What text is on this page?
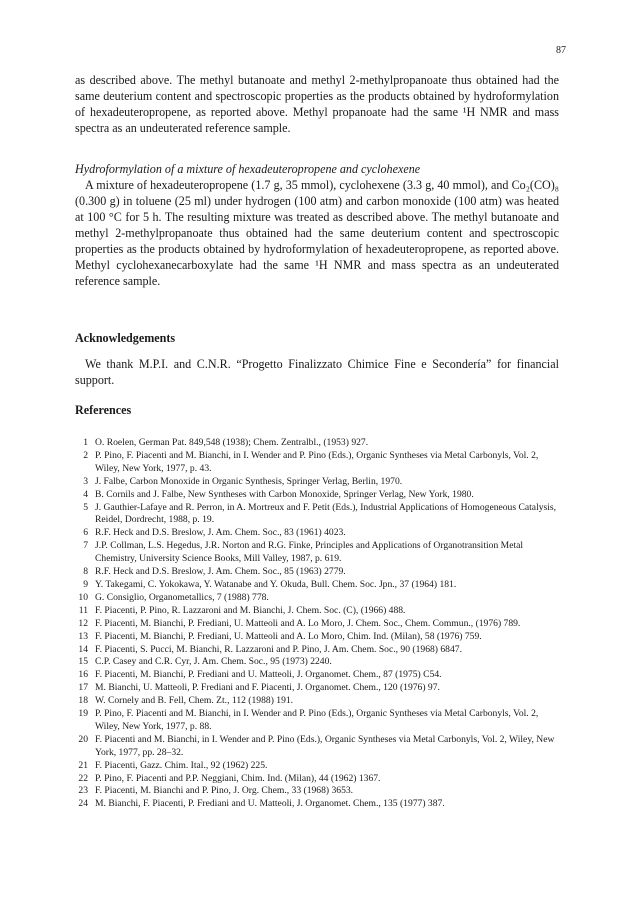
87

as described above. The methyl butanoate and methyl 2-methylpropanoate thus obtained had the same deuterium content and spectroscopic properties as the products obtained by hydroformylation of hexadeuteropropene, as reported above. Methyl propanoate had the same ¹H NMR and mass spectra as an undeuterated reference sample.

Hydroformylation of a mixture of hexadeuteropropene and cyclohexene

A mixture of hexadeuteropropene (1.7 g, 35 mmol), cyclohexene (3.3 g, 40 mmol), and Co₂(CO)₈ (0.300 g) in toluene (25 ml) under hydrogen (100 atm) and carbon monoxide (100 atm) was heated at 100 °C for 5 h. The resulting mixture was treated as described above. The methyl butanoate and methyl 2-methylpropanoate thus obtained had the same deuterium content and spectroscopic properties as the products obtained by hydroformylation of hexadeuteropropene, as reported above. Methyl cyclohexanecarboxylate had the same ¹H NMR and mass spectra as an undeuterated reference sample.

Acknowledgements

We thank M.P.I. and C.N.R. “Progetto Finalizzato Chimice Fine e Secondería” for financial support.

References

1 O. Roelen, German Pat. 849,548 (1938); Chem. Zentralbl., (1953) 927.
2 P. Pino, F. Piacenti and M. Bianchi, in I. Wender and P. Pino (Eds.), Organic Syntheses via Metal Carbonyls, Vol. 2, Wiley, New York, 1977, p. 43.
3 J. Falbe, Carbon Monoxide in Organic Synthesis, Springer Verlag, Berlin, 1970.
4 B. Cornils and J. Falbe, New Syntheses with Carbon Monoxide, Springer Verlag, New York, 1980.
5 J. Gauthier-Lafaye and R. Perron, in A. Mortreux and F. Petit (Eds.), Industrial Applications of Homogeneous Catalysis, Reidel, Dordrecht, 1988, p. 19.
6 R.F. Heck and D.S. Breslow, J. Am. Chem. Soc., 83 (1961) 4023.
7 J.P. Collman, L.S. Hegedus, J.R. Norton and R.G. Finke, Principles and Applications of Organotransition Metal Chemistry, University Science Books, Mill Valley, 1987, p. 619.
8 R.F. Heck and D.S. Breslow, J. Am. Chem. Soc., 85 (1963) 2779.
9 Y. Takegami, C. Yokokawa, Y. Watanabe and Y. Okuda, Bull. Chem. Soc. Jpn., 37 (1964) 181.
10 G. Consiglio, Organometallics, 7 (1988) 778.
11 F. Piacenti, P. Pino, R. Lazzaroni and M. Bianchi, J. Chem. Soc. (C), (1966) 488.
12 F. Piacenti, M. Bianchi, P. Frediani, U. Matteoli and A. Lo Moro, J. Chem. Soc., Chem. Commun., (1976) 789.
13 F. Piacenti, M. Bianchi, P. Frediani, U. Matteoli and A. Lo Moro, Chim. Ind. (Milan), 58 (1976) 759.
14 F. Piacenti, S. Pucci, M. Bianchi, R. Lazzaroni and P. Pino, J. Am. Chem. Soc., 90 (1968) 6847.
15 C.P. Casey and C.R. Cyr, J. Am. Chem. Soc., 95 (1973) 2240.
16 F. Piacenti, M. Bianchi, P. Frediani and U. Matteoli, J. Organomet. Chem., 87 (1975) C54.
17 M. Bianchi, U. Matteoli, P. Frediani and F. Piacenti, J. Organomet. Chem., 120 (1976) 97.
18 W. Cornely and B. Fell, Chem. Zt., 112 (1988) 191.
19 P. Pino, F. Piacenti and M. Bianchi, in I. Wender and P. Pino (Eds.), Organic Syntheses via Metal Carbonyls, Vol. 2, Wiley, New York, 1977, p. 88.
20 F. Piacenti and M. Bianchi, in I. Wender and P. Pino (Eds.), Organic Syntheses via Metal Carbonyls, Vol. 2, Wiley, New York, 1977, pp. 28–32.
21 F. Piacenti, Gazz. Chim. Ital., 92 (1962) 225.
22 P. Pino, F. Piacenti and P.P. Neggiani, Chim. Ind. (Milan), 44 (1962) 1367.
23 F. Piacenti, M. Bianchi and P. Pino, J. Org. Chem., 33 (1968) 3653.
24 M. Bianchi, F. Piacenti, P. Frediani and U. Matteoli, J. Organomet. Chem., 135 (1977) 387.
